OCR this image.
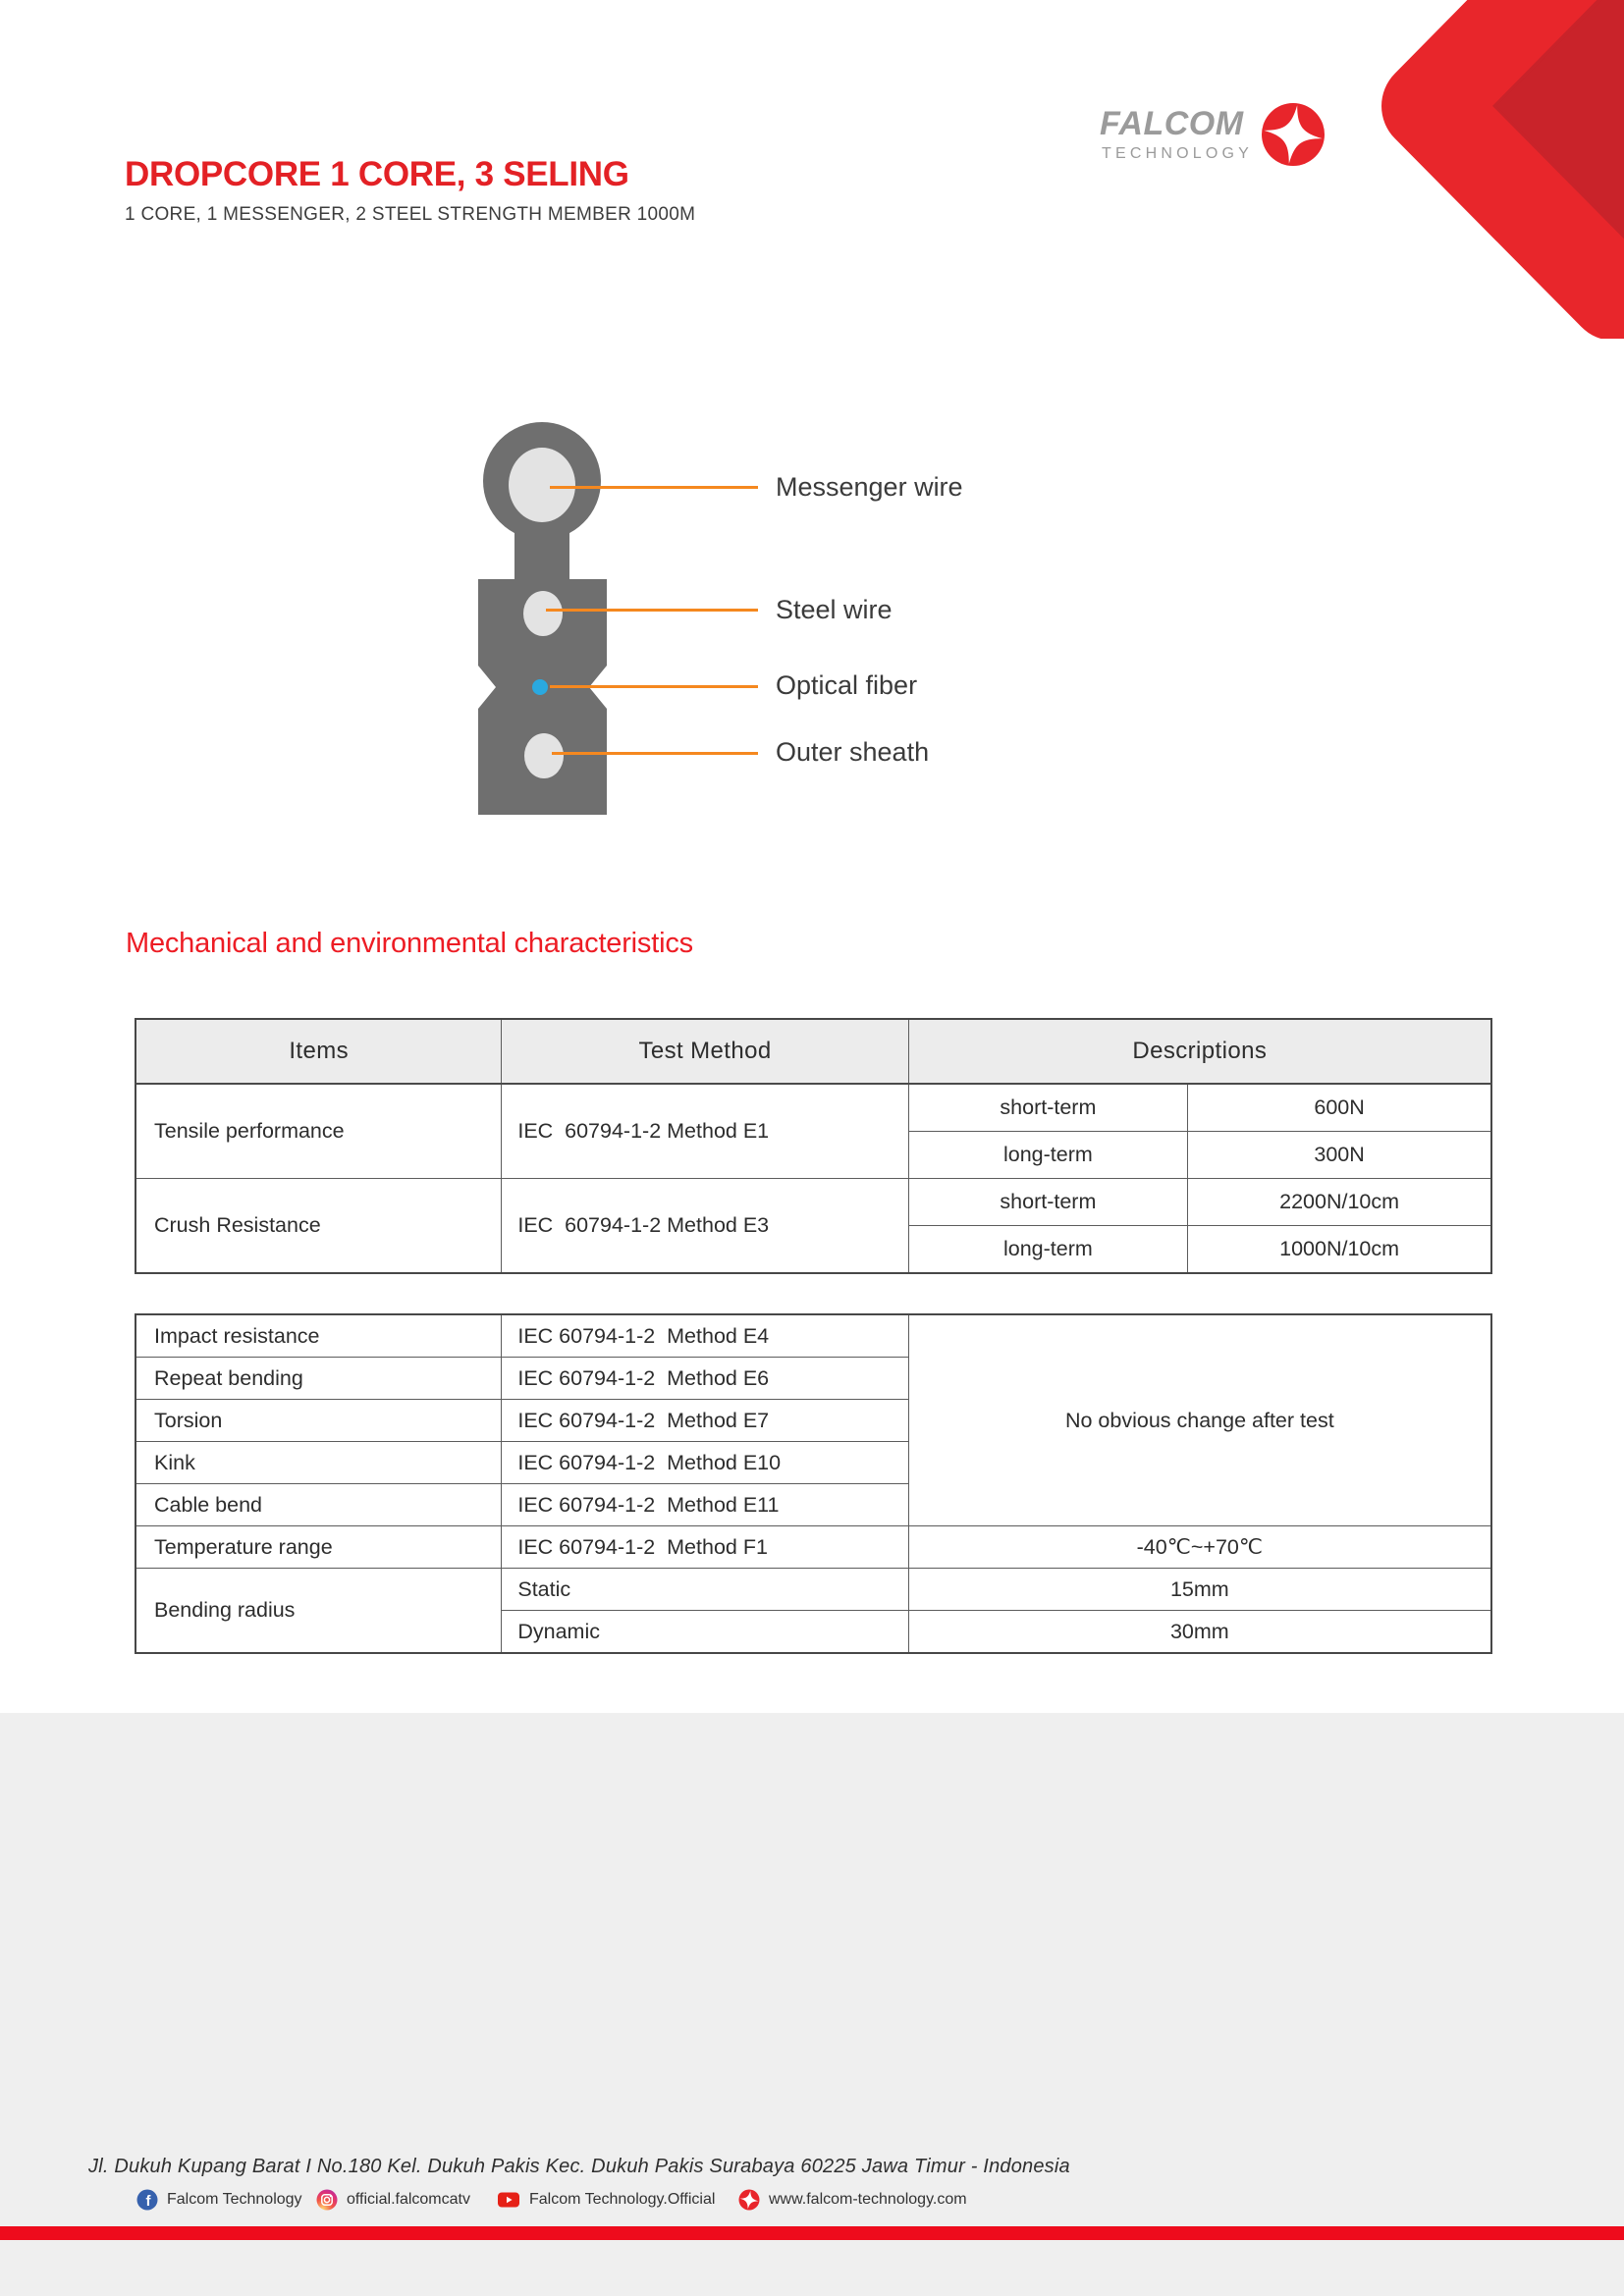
FALCOM
TECHNOLOGY
DROPCORE 1 CORE, 3 SELING
1 CORE, 1 MESSENGER, 2 STEEL STRENGTH MEMBER 1000M
Messenger wire
Steel wire
Optical fiber
Outer sheath
Mechanical and environmental characteristics
Items	Test Method	Descriptions	
Tensile performance	IEC  60794-1-2 Method E1	short-term	600N
		long-term	300N
Crush Resistance	IEC  60794-1-2 Method E3	short-term	2200N/10cm
		long-term	1000N/10cm
Impact resistance	IEC 60794-1-2  Method E4	No obvious change after test
Repeat bending	IEC 60794-1-2  Method E6	
Torsion	IEC 60794-1-2  Method E7	
Kink	IEC 60794-1-2  Method E10	
Cable bend	IEC 60794-1-2  Method E11	
Temperature range	IEC 60794-1-2  Method F1	-40℃~+70℃
Bending radius	Static	15mm
	Dynamic	30mm
Jl. Dukuh Kupang Barat I No.180 Kel. Dukuh Pakis Kec. Dukuh Pakis Surabaya 60225 Jawa Timur - Indonesia
f Falcom Technology	official.falcomcatv	Falcom Technology.Official	www.falcom-technology.com
